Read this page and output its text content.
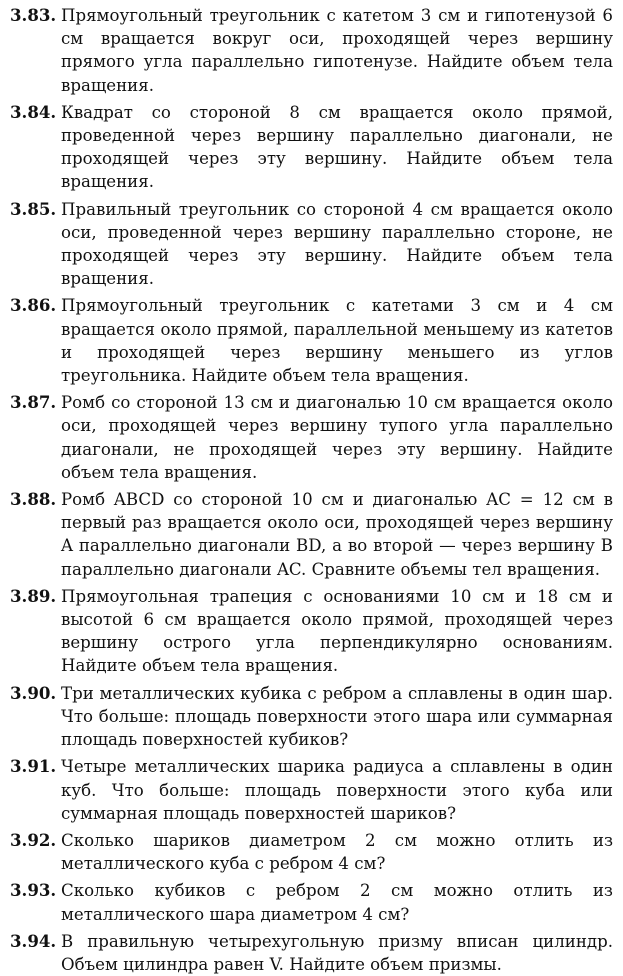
3.83. Прямоугольный треугольник с катетом 3 см и гипотенузой 6 см вращается вокруг оси, проходящей через вершину прямого угла параллельно гипотенузе. Найдите объем тела вращения.
3.84. Квадрат со стороной 8 см вращается около прямой, проведенной через вершину параллельно диагонали, не проходящей через эту вершину. Найдите объем тела вращения.
3.85. Правильный треугольник со стороной 4 см вращается около оси, проведенной через вершину параллельно стороне, не проходящей через эту вершину. Найдите объем тела вращения.
3.86. Прямоугольный треугольник с катетами 3 см и 4 см вращается около прямой, параллельной меньшему из катетов и проходящей через вершину меньшего из углов треугольника. Найдите объем тела вращения.
3.87. Ромб со стороной 13 см и диагональю 10 см вращается около оси, проходящей через вершину тупого угла параллельно диагонали, не проходящей через эту вершину. Найдите объем тела вращения.
3.88. Ромб ABCD со стороной 10 см и диагональю AC = 12 см в первый раз вращается около оси, проходящей через вершину A параллельно диагонали BD, а во второй — через вершину B параллельно диагонали AC. Сравните объемы тел вращения.
3.89. Прямоугольная трапеция с основаниями 10 см и 18 см и высотой 6 см вращается около прямой, проходящей через вершину острого угла перпендикулярно основаниям. Найдите объем тела вращения.
3.90. Три металлических кубика с ребром a сплавлены в один шар. Что больше: площадь поверхности этого шара или суммарная площадь поверхностей кубиков?
3.91. Четыре металлических шарика радиуса a сплавлены в один куб. Что больше: площадь поверхности этого куба или суммарная площадь поверхностей шариков?
3.92. Сколько шариков диаметром 2 см можно отлить из металлического куба с ребром 4 см?
3.93. Сколько кубиков с ребром 2 см можно отлить из металлического шара диаметром 4 см?
3.94. В правильную четырехугольную призму вписан цилиндр. Объем цилиндра равен V. Найдите объем призмы.
